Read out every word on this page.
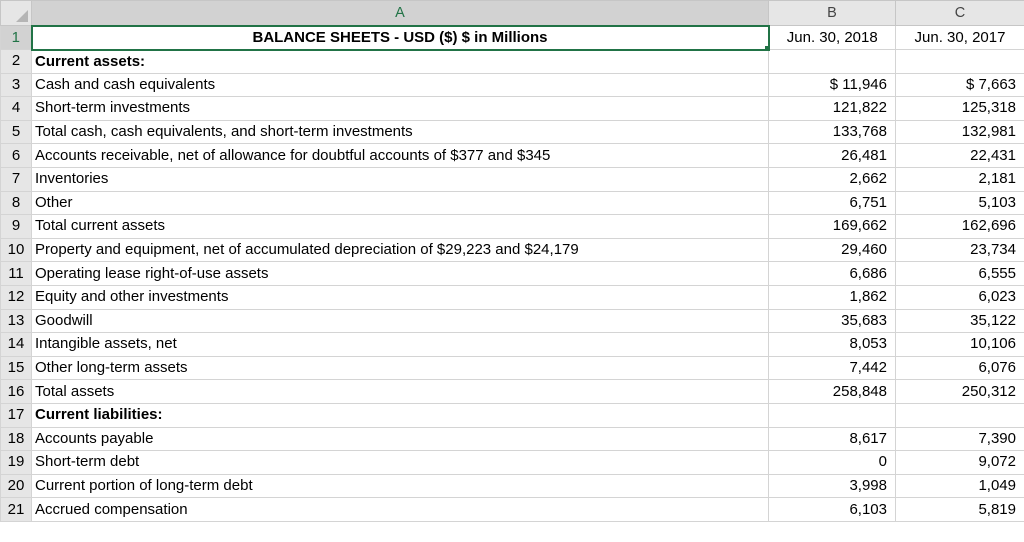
	A	B	C
1	BALANCE SHEETS - USD ($) $ in Millions	Jun. 30, 2018	Jun. 30, 2017
2	Current assets:		
3	Cash and cash equivalents	$ 11,946	$ 7,663
4	Short-term investments	121,822	125,318
5	Total cash, cash equivalents, and short-term investments	133,768	132,981
6	Accounts receivable, net of allowance for doubtful accounts of $377 and $345	26,481	22,431
7	Inventories	2,662	2,181
8	Other	6,751	5,103
9	Total current assets	169,662	162,696
10	Property and equipment, net of accumulated depreciation of $29,223 and $24,179	29,460	23,734
11	Operating lease right-of-use assets	6,686	6,555
12	Equity and other investments	1,862	6,023
13	Goodwill	35,683	35,122
14	Intangible assets, net	8,053	10,106
15	Other long-term assets	7,442	6,076
16	Total assets	258,848	250,312
17	Current liabilities:		
18	Accounts payable	8,617	7,390
19	Short-term debt	0	9,072
20	Current portion of long-term debt	3,998	1,049
21	Accrued compensation	6,103	5,819
